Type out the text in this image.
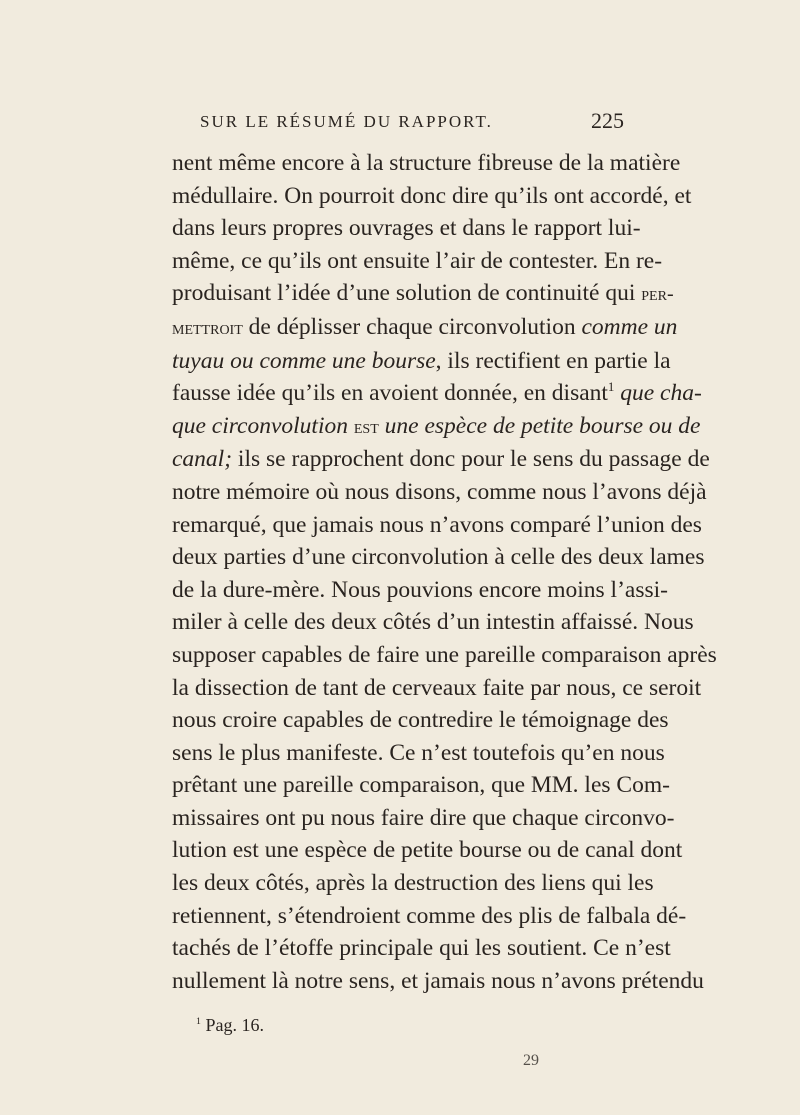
SUR LE RÉSUMÉ DU RAPPORT.	225
nent même encore à la structure fibreuse de la matière
médullaire. On pourroit donc dire qu’ils ont accordé, et
dans leurs propres ouvrages et dans le rapport lui-
même, ce qu’ils ont ensuite l’air de contester. En re-
produisant l’idée d’une solution de continuité qui per-
mettroit de déplisser chaque circonvolution comme un
tuyau ou comme une bourse, ils rectifient en partie la
fausse idée qu’ils en avoient donnée, en disant$^1$ que cha-
que circonvolution est une espèce de petite bourse ou de
canal; ils se rapprochent donc pour le sens du passage de
notre mémoire où nous disons, comme nous l’avons déjà
remarqué, que jamais nous n’avons comparé l’union des
deux parties d’une circonvolution à celle des deux lames
de la dure-mère. Nous pouvions encore moins l’assi-
miler à celle des deux côtés d’un intestin affaissé. Nous
supposer capables de faire une pareille comparaison après
la dissection de tant de cerveaux faite par nous, ce seroit
nous croire capables de contredire le témoignage des
sens le plus manifeste. Ce n’est toutefois qu’en nous
prêtant une pareille comparaison, que MM. les Com-
missaires ont pu nous faire dire que chaque circonvo-
lution est une espèce de petite bourse ou de canal dont
les deux côtés, après la destruction des liens qui les
retiennent, s’étendroient comme des plis de falbala dé-
tachés de l’étoffe principale qui les soutient. Ce n’est
nullement là notre sens, et jamais nous n’avons prétendu
$^1$ Pag. 16.
29
